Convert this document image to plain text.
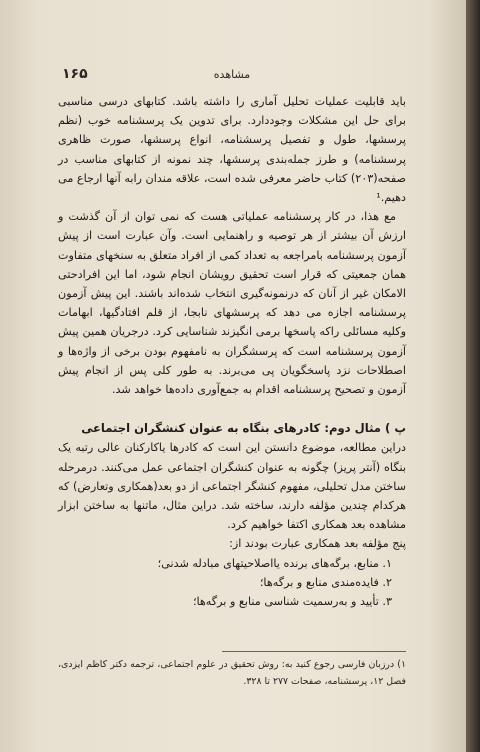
مشاهده
۱۶۵

باید قابلیت عملیات تحلیل آماری را داشته باشد. کتابهای درسی مناسبی برای حل این مشکلات وجوددارد. برای تدوین یک پرسشنامه خوب (نظم پرسشها، طول و تفصیل پرسشنامه، انواع پرسشها، صورت ظاهری پرسشنامه) و طرز جمله‌بندی پرسشها، چند نمونه از کتابهای مناسب در صفحه(۲۰۳) کتاب حاضر معرفی شده است، علاقه مندان رابه آنها ارجاع می دهیم.¹

مع هذا، در کار پرسشنامه عملیاتی هست که نمی توان از آن گذشت و ارزش آن بیشتر از هر توصیه و راهنمایی است. وآن عبارت است از پیش آزمون پرسشنامه بامراجعه به تعداد کمی از افراد متعلق به سنخهای متفاوت همان جمعیتی که قرار است تحقیق رویشان انجام شود، اما این افرادحتی الامکان غیر از آنان که درنمونه‌گیری انتخاب شده‌اند باشند. این پیش آزمون پرسشنامه اجازه می دهد که پرسشهای نابجا، از قلم افتادگیها، ابهامات وکلیه مسائلی راکه پاسخها برمی انگیزند شناسایی کرد. درجریان همین پیش آزمون پرسشنامه است که پرسشگران به نامفهوم بودن برخی از واژه‌ها و اصطلاحات نزد پاسخگویان پی می‌برند. به طور کلی پس از انجام پیش آزمون و تصحیح پرسشنامه اقدام به جمع‌آوری داده‌ها خواهد شد.

پ ) مثال دوم: کادرهای بنگاه به عنوان کنشگران اجتماعی

دراین مطالعه، موضوع دانستن این است که کادرها یاکارکنان عالی رتبه یک بنگاه (آنتر پریز) چگونه به عنوان کنشگران اجتماعی عمل می‌کنند. درمرحله ساختن مدل تحلیلی، مفهوم کنشگر اجتماعی از دو بعد(همکاری وتعارض) که هرکدام چندین مؤلفه دارند، ساخته شد. دراین مثال، ماتنها به ساختن ابزار مشاهده بعد همکاری اکتفا خواهیم کرد.

پنج مؤلفه بعد همکاری عبارت بودند از:

۱. منابع، برگه‌های برنده یااصلاحیتهای مبادله شدنی؛
۲. فایده‌مندی منابع و برگه‌ها؛
۳. تأیید و به‌رسمیت شناسی منابع و برگه‌ها؛
۱) درزبان فارسی رجوع کنید به: روش تحقیق در علوم اجتماعی، ترجمه دکتر کاظم ایزدی، فصل ۱۲، پرسشنامه، صفحات ۲۷۷ تا ۳۲۸.
